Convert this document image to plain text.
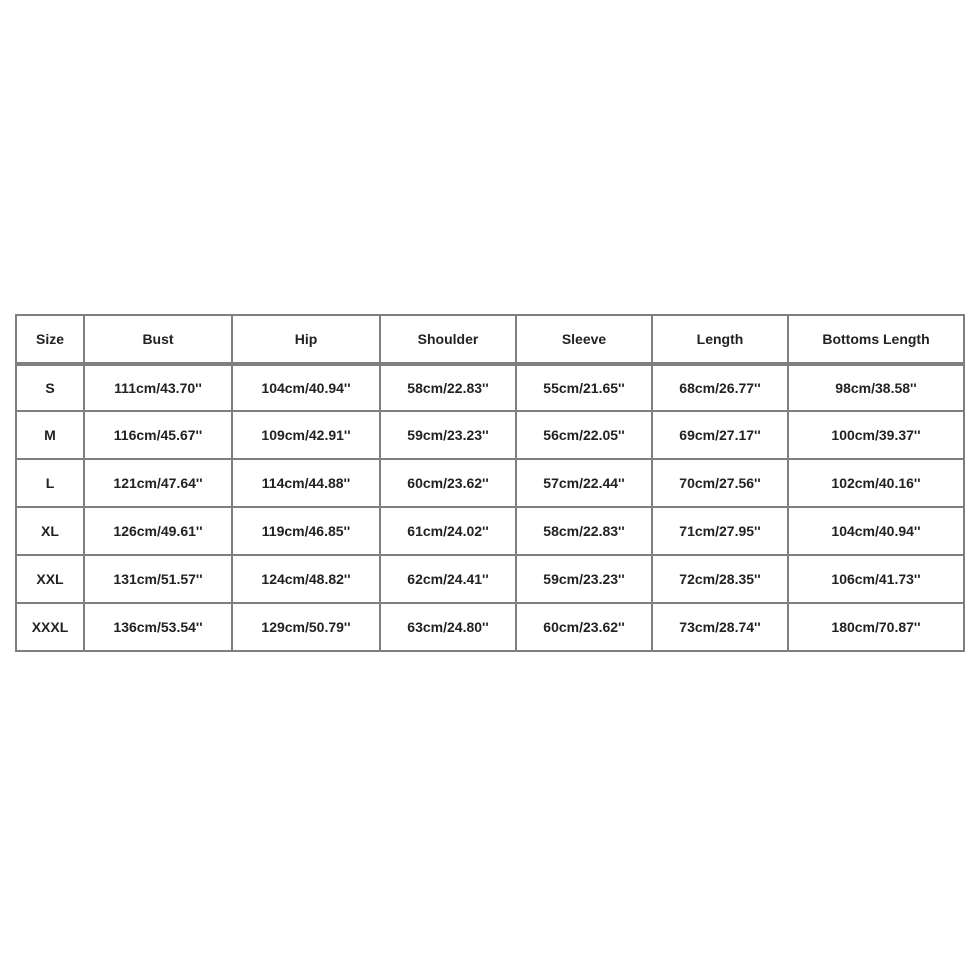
Size	Bust	Hip	Shoulder	Sleeve	Length	Bottoms Length
S	111cm/43.70''	104cm/40.94''	58cm/22.83''	55cm/21.65''	68cm/26.77''	98cm/38.58''
M	116cm/45.67''	109cm/42.91''	59cm/23.23''	56cm/22.05''	69cm/27.17''	100cm/39.37''
L	121cm/47.64''	114cm/44.88''	60cm/23.62''	57cm/22.44''	70cm/27.56''	102cm/40.16''
XL	126cm/49.61''	119cm/46.85''	61cm/24.02''	58cm/22.83''	71cm/27.95''	104cm/40.94''
XXL	131cm/51.57''	124cm/48.82''	62cm/24.41''	59cm/23.23''	72cm/28.35''	106cm/41.73''
XXXL	136cm/53.54''	129cm/50.79''	63cm/24.80''	60cm/23.62''	73cm/28.74''	180cm/70.87''
